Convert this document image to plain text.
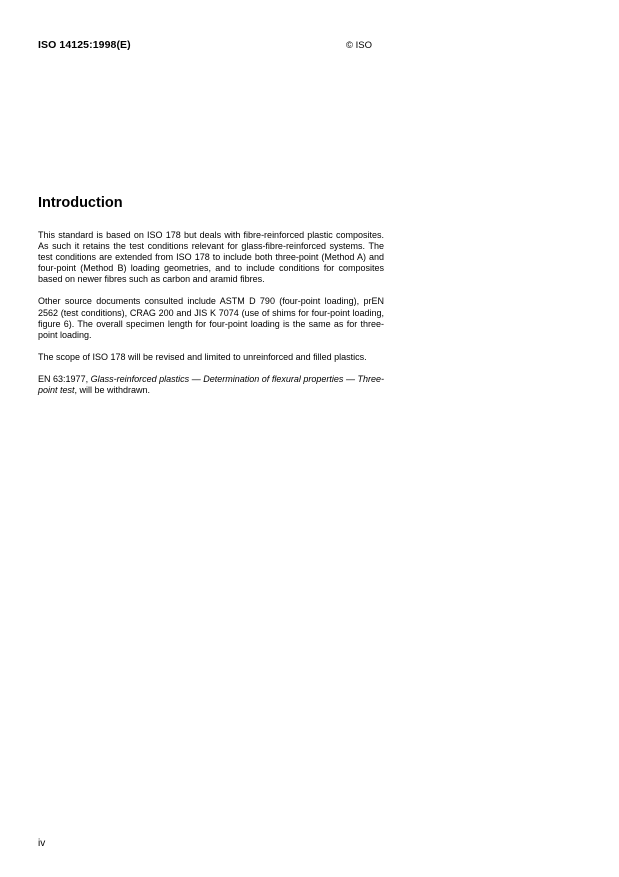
ISO 14125:1998(E)	© ISO
Introduction

This standard is based on ISO 178 but deals with fibre-reinforced plastic composites. As such it retains the test conditions relevant for glass-fibre-reinforced systems. The test conditions are extended from ISO 178 to include both three-point (Method A) and four-point (Method B) loading geometries, and to include conditions for composites based on newer fibres such as carbon and aramid fibres.

Other source documents consulted include ASTM D 790 (four-point loading), prEN 2562 (test conditions), CRAG 200 and JIS K 7074 (use of shims for four-point loading, figure 6). The overall specimen length for four-point loading is the same as for three-point loading.

The scope of ISO 178 will be revised and limited to unreinforced and filled plastics.

EN 63:1977, Glass-reinforced plastics — Determination of flexural properties — Three-point test, will be withdrawn.

iv
